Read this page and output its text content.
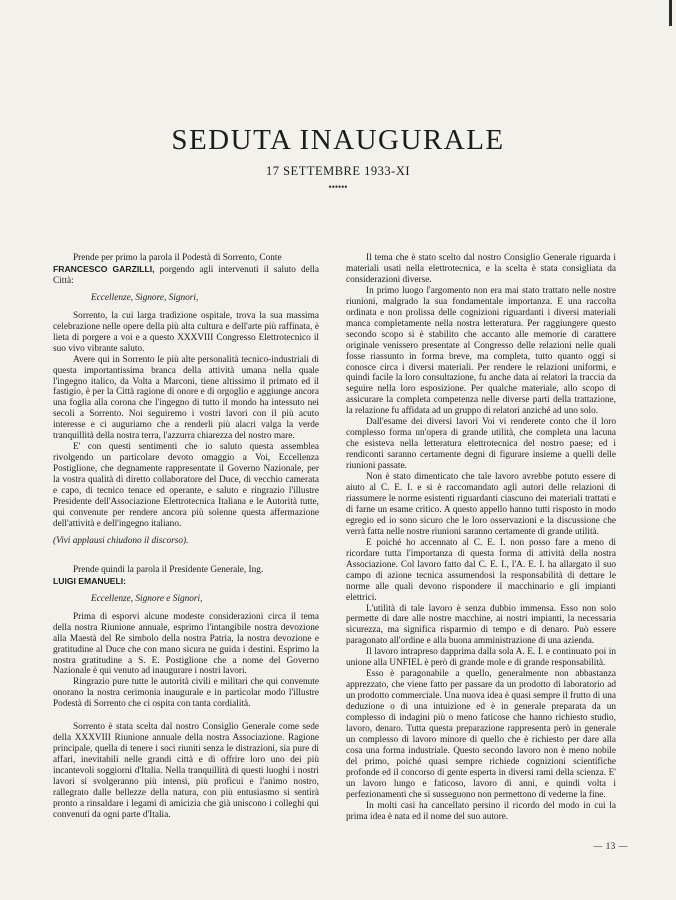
SEDUTA INAUGURALE
17 SETTEMBRE 1933-XI
••••••

Prende per primo la parola il Podestà di Sorrento, Conte
FRANCESCO GARZILLI, porgendo agli intervenuti il saluto della Città:

Eccellenze, Signore, Signori,

Sorrento, la cui larga tradizione ospitale, trova la sua massima celebrazione nelle opere della più alta cultura e dell'arte più raffinata, è lieta di porgere a voi e a questo XXXVIII Congresso Elettrotecnico il suo vivo vibrante saluto.

Avere qui in Sorrento le più alte personalità tecnico-industriali di questa importantissima branca della attività umana nella quale l'ingegno italico, da Volta a Marconi, tiene altissimo il primato ed il fastigio, è per la Città ragione di onore e di orgoglio e aggiunge ancora una foglia alla corona che l'ingegno di tutto il mondo ha intessuto nei secoli a Sorrento. Noi seguiremo i vostri lavori con il più acuto interesse e ci auguriamo che a renderli più alacri valga la verde tranquillità della nostra terra, l'azzurra chiarezza del nostro mare.

E' con questi sentimenti che io saluto questa assemblea rivolgendo un particolare devoto omaggio a Voi, Eccellenza Postiglione, che degnamente rappresentate il Governo Nazionale, per la vostra qualità di diretto collaboratore del Duce, di vecchio camerata e capo, di tecnico tenace ed operante, e saluto e ringrazio l'illustre Presidente dell'Associazione Elettrotecnica Italiana e le Autorità tutte, qui convenute per rendere ancora più solenne questa affermazione dell'attività e dell'ingegno italiano.

(Vivi applausi chiudono il discorso).

Prende quindi la parola il Presidente Generale, Ing.
LUIGI EMANUELI:

Eccellenze, Signore e Signori,

Prima di esporvi alcune modeste considerazioni circa il tema della nostra Riunione annuale, esprimo l'intangibile nostra devozione alla Maestà del Re simbolo della nostra Patria, la nostra devozione e gratitudine al Duce che con mano sicura ne guida i destini. Esprimo la nostra gratitudine a S. E. Postiglione che a nome del Governo Nazionale è qui venuto ad inaugurare i nostri lavori.

Ringrazio pure tutte le autorità civili e militari che qui convenute onorano la nostra cerimonia inaugurale e in particolar modo l'illustre Podestà di Sorrento che ci ospita con tanta cordialità.

Sorrento è stata scelta dal nostro Consiglio Generale come sede della XXXVIII Riunione annuale della nostra Associazione. Ragione principale, quella di tenere i soci riuniti senza le distrazioni, sia pure di affari, inevitabili nelle grandi città e di offrire loro uno dei più incantevoli soggiorni d'Italia. Nella tranquillità di questi luoghi i nostri lavori si svolgeranno più intensi, più proficui e l'animo nostro, rallegrato dalle bellezze della natura, con più entusiasmo si sentirà pronto a rinsaldare i legami di amicizia che già uniscono i colleghi qui convenuti da ogni parte d'Italia.

Il tema che è stato scelto dal nostro Consiglio Generale riguarda i materiali usati nella elettrotecnica, e la scelta è stata consigliata da considerazioni diverse.

In primo luogo l'argomento non era mai stato trattato nelle nostre riunioni, malgrado la sua fondamentale importanza. E una raccolta ordinata e non prolissa delle cognizioni riguardanti i diversi materiali manca completamente nella nostra letteratura. Per raggiungere questo secondo scopo si è stabilito che accanto alle memorie di carattere originale venissero presentate al Congresso delle relazioni nelle quali fosse riassunto in forma breve, ma completa, tutto quanto oggi si conosce circa i diversi materiali. Per rendere le relazioni uniformi, e quindi facile la loro consultazione, fu anche data ai relatori la traccia da seguire nella loro esposizione. Per qualche materiale, allo scopo di assicurare la completa competenza nelle diverse parti della trattazione, la relazione fu affidata ad un gruppo di relatori anziché ad uno solo.

Dall'esame dei diversi lavori Voi vi renderete conto che il loro complesso forma un'opera di grande utilità, che completa una lacuna che esisteva nella letteratura elettrotecnica del nostro paese; ed i rendiconti saranno certamente degni di figurare insieme a quelli delle riunioni passate.

Non è stato dimenticato che tale lavoro avrebbe potuto essere di aiuto al C. E. I. e si è raccomandato agli autori delle relazioni di riassumere le norme esistenti riguardanti ciascuno dei materiali trattati e di farne un esame critico. A questo appello hanno tutti risposto in modo egregio ed io sono sicuro che le loro osservazioni e la discussione che verrà fatta nelle nostre riunioni saranno certamente di grande utilità.

E poiché ho accennato al C. E. I. non posso fare a meno di ricordare tutta l'importanza di questa forma di attività della nostra Associazione. Col lavoro fatto dal C. E. I., l'A. E. I. ha allargato il suo campo di azione tecnica assumendosi la responsabilità di dettare le norme alle quali devono rispondere il macchinario e gli impianti elettrici.

L'utilità di tale lavoro è senza dubbio immensa. Esso non solo permette di dare alle nostre macchine, ai nostri impianti, la necessaria sicurezza, ma significa risparmio di tempo e di denaro. Può essere paragonato all'ordine e alla buona amministrazione di una azienda.

Il lavoro intrapreso dapprima dalla sola A. E. I. e continuato poi in unione alla UNFIEL è però di grande mole e di grande responsabilità.

Esso è paragonabile a quello, generalmente non abbastanza apprezzato, che viene fatto per passare da un prodotto di laboratorio ad un prodotto commerciale. Una nuova idea è quasi sempre il frutto di una deduzione o di una intuizione ed è in generale preparata da un complesso di indagini più o meno faticose che hanno richiesto studio, lavoro, denaro. Tutta questa preparazione rappresenta però in generale un complesso di lavoro minore di quello che è richiesto per dare alla cosa una forma industriale. Questo secondo lavoro non è meno nobile del primo, poiché quasi sempre richiede cognizioni scientifiche profonde ed il concorso di gente esperta in diversi rami della scienza. E' un lavoro lungo e faticoso, lavoro di anni, e quindi volta i perfezionamenti che si susseguono non permettono di vederne la fine.

In molti casi ha cancellato persino il ricordo del modo in cui la prima idea è nata ed il nome del suo autore.

— 13 —
